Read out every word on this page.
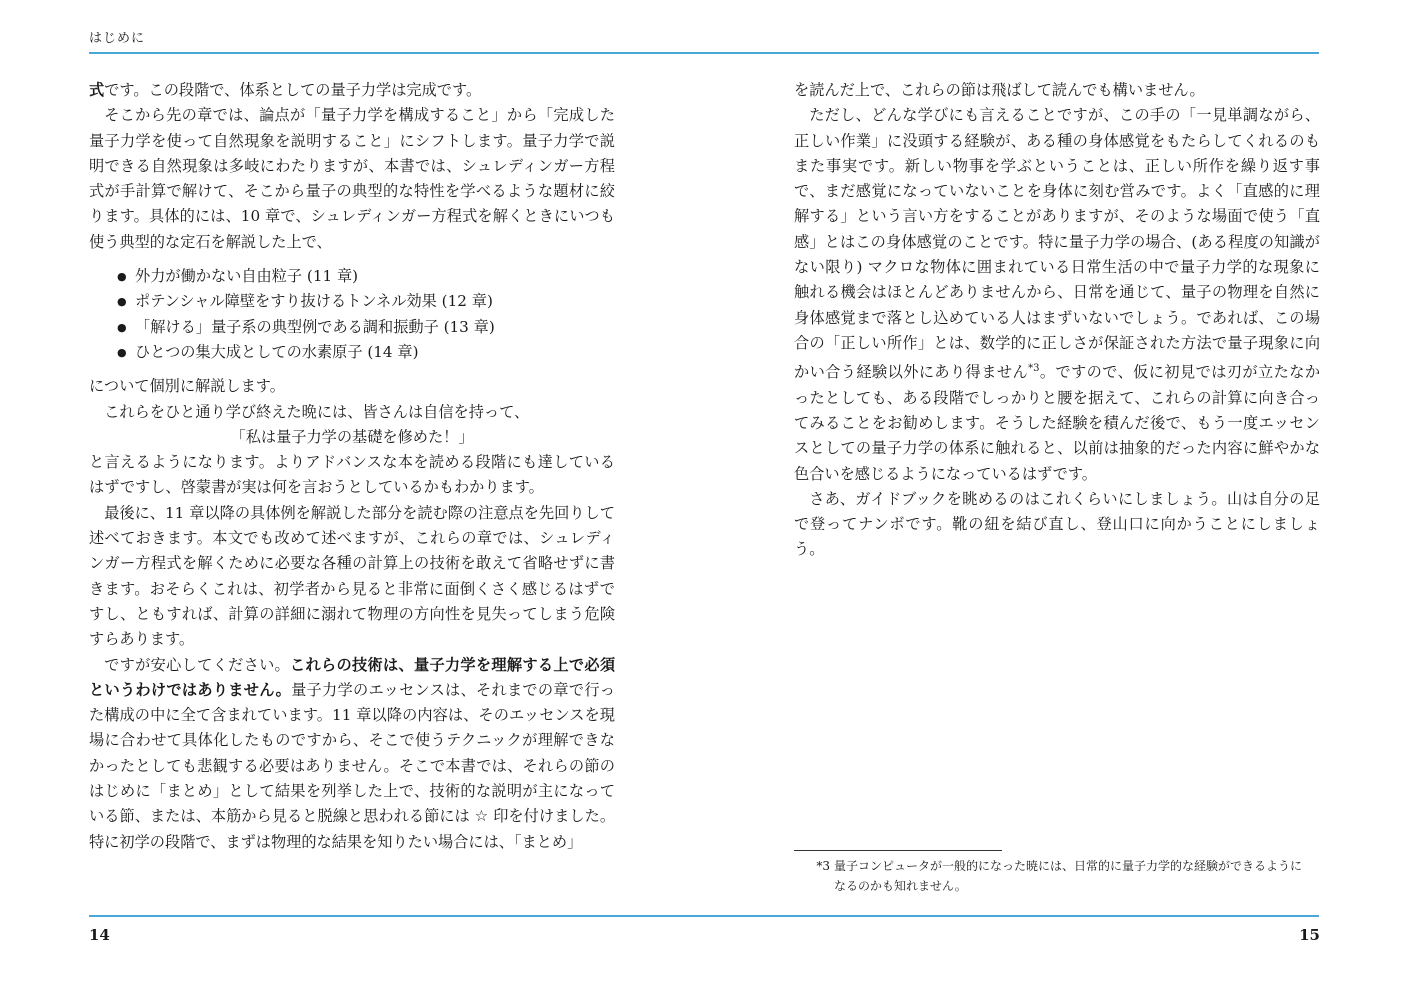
はじめに

式です。この段階で、体系としての量子力学は完成です。

そこから先の章では、論点が「量子力学を構成すること」から「完成した量子力学を使って自然現象を説明すること」にシフトします。量子力学で説明できる自然現象は多岐にわたりますが、本書では、シュレディンガー方程式が手計算で解けて、そこから量子の典型的な特性を学べるような題材に絞ります。具体的には、10 章で、シュレディンガー方程式を解くときにいつも使う典型的な定石を解説した上で、

● 外力が働かない自由粒子 (11 章)
● ポテンシャル障壁をすり抜けるトンネル効果 (12 章)
● 「解ける」量子系の典型例である調和振動子 (13 章)
● ひとつの集大成としての水素原子 (14 章)

について個別に解説します。

これらをひと通り学び終えた晩には、皆さんは自信を持って、

「私は量子力学の基礎を修めた！」

と言えるようになります。よりアドバンスな本を読める段階にも達しているはずですし、啓蒙書が実は何を言おうとしているかもわかります。

最後に、11 章以降の具体例を解説した部分を読む際の注意点を先回りして述べておきます。本文でも改めて述べますが、これらの章では、シュレディンガー方程式を解くために必要な各種の計算上の技術を敢えて省略せずに書きます。おそらくこれは、初学者から見ると非常に面倒くさく感じるはずですし、ともすれば、計算の詳細に溺れて物理の方向性を見失ってしまう危険すらあります。

ですが安心してください。これらの技術は、量子力学を理解する上で必須というわけではありません。量子力学のエッセンスは、それまでの章で行った構成の中に全て含まれています。11 章以降の内容は、そのエッセンスを現場に合わせて具体化したものですから、そこで使うテクニックが理解できなかったとしても悲観する必要はありません。そこで本書では、それらの節のはじめに「まとめ」として結果を列挙した上で、技術的な説明が主になっている節、または、本筋から見ると脱線と思われる節には ☆ 印を付けました。特に初学の段階で、まずは物理的な結果を知りたい場合には、「まとめ」

を読んだ上で、これらの節は飛ばして読んでも構いません。

ただし、どんな学びにも言えることですが、この手の「一見単調ながら、正しい作業」に没頭する経験が、ある種の身体感覚をもたらしてくれるのもまた事実です。新しい物事を学ぶということは、正しい所作を繰り返す事で、まだ感覚になっていないことを身体に刻む営みです。よく「直感的に理解する」という言い方をすることがありますが、そのような場面で使う「直感」とはこの身体感覚のことです。特に量子力学の場合、(ある程度の知識がない限り) マクロな物体に囲まれている日常生活の中で量子力学的な現象に触れる機会はほとんどありませんから、日常を通じて、量子の物理を自然に身体感覚まで落とし込めている人はまずいないでしょう。であれば、この場合の「正しい所作」とは、数学的に正しさが保証された方法で量子現象に向かい合う経験以外にあり得ません$^{*3}$。ですので、仮に初見では刃が立たなかったとしても、ある段階でしっかりと腰を据えて、これらの計算に向き合ってみることをお勧めします。そうした経験を積んだ後で、もう一度エッセンスとしての量子力学の体系に触れると、以前は抽象的だった内容に鮮やかな色合いを感じるようになっているはずです。

さあ、ガイドブックを眺めるのはこれくらいにしましょう。山は自分の足で登ってナンボです。靴の紐を結び直し、登山口に向かうことにしましょう。

*3 量子コンピュータが一般的になった暁には、日常的に量子力学的な経験ができるように
なるのかも知れません。
14	15
